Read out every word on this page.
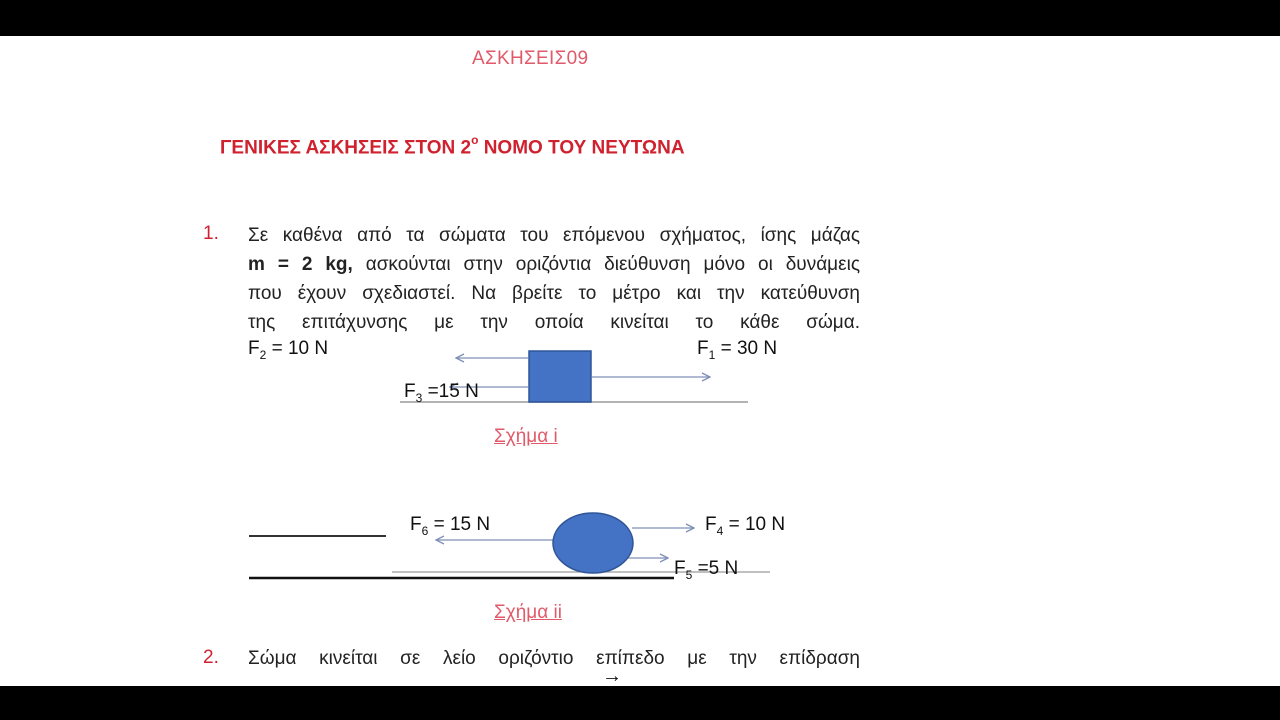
ΑΣΚΗΣΕΙΣ09
ΓΕΝΙΚΕΣ ΑΣΚΗΣΕΙΣ ΣΤΟΝ $2^o$ ΝΟΜΟ ΤΟΥ ΝΕΥΤΩΝΑ
1. Σε καθένα από τα σώματα του επόμενου σχήματος, ίσης μάζας
m = 2 kg, ασκούνται στην οριζόντια διεύθυνση μόνο οι δυνάμεις
που έχουν σχεδιαστεί. Να βρείτε το μέτρο και την κατεύθυνση
της επιτάχυνσης με την οποία κινείται το κάθε σώμα.
$F_2 = 10$ N	$F_1 = 30$ N
$F_3 =15$ N
Σχήμα i
$F_6 = 15$ N	$F_4 = 10$ N
$F_5 =5$ N
Σχήμα ii
2. Σώμα κινείται σε λείο οριζόντιο επίπεδο με την επίδραση
→
